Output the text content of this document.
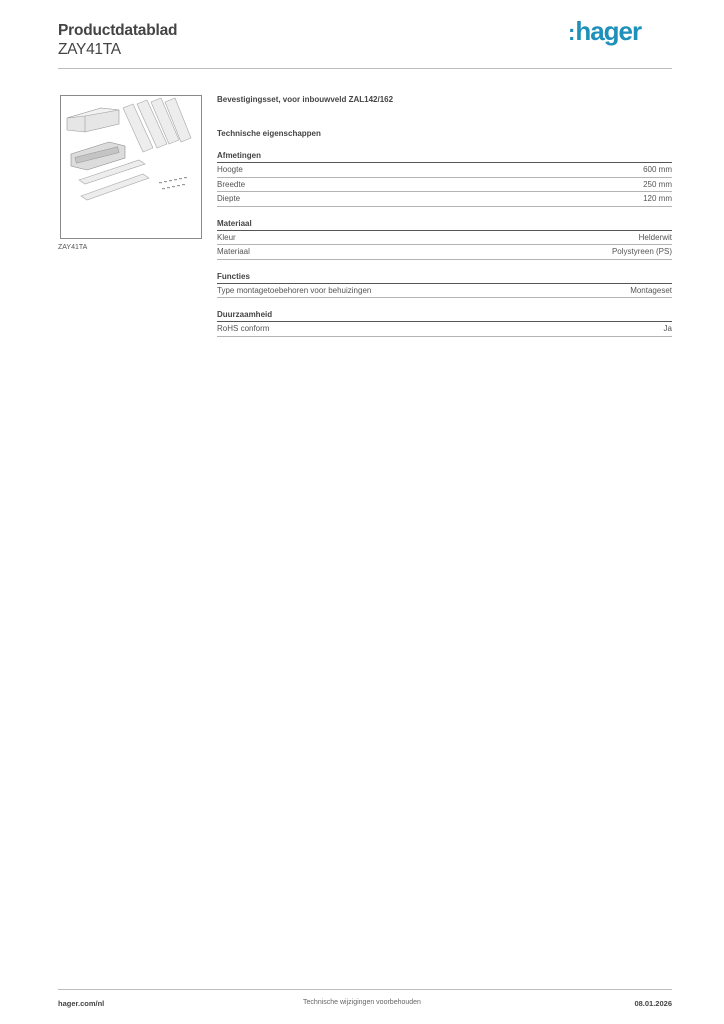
Productdatablad
ZAY41TA
:hager
ZAY41TA
Bevestigingsset, voor inbouwveld ZAL142/162
Technische eigenschappen
Afmetingen
Hoogte	600 mm
Breedte	250 mm
Diepte	120 mm
Materiaal
Kleur	Helderwit
Materiaal	Polystyreen (PS)
Functies
Type montagetoebehoren voor behuizingen	Montageset
Duurzaamheid
RoHS conform	Ja
hager.com/nl	Technische wijzigingen voorbehouden	08.01.2026
